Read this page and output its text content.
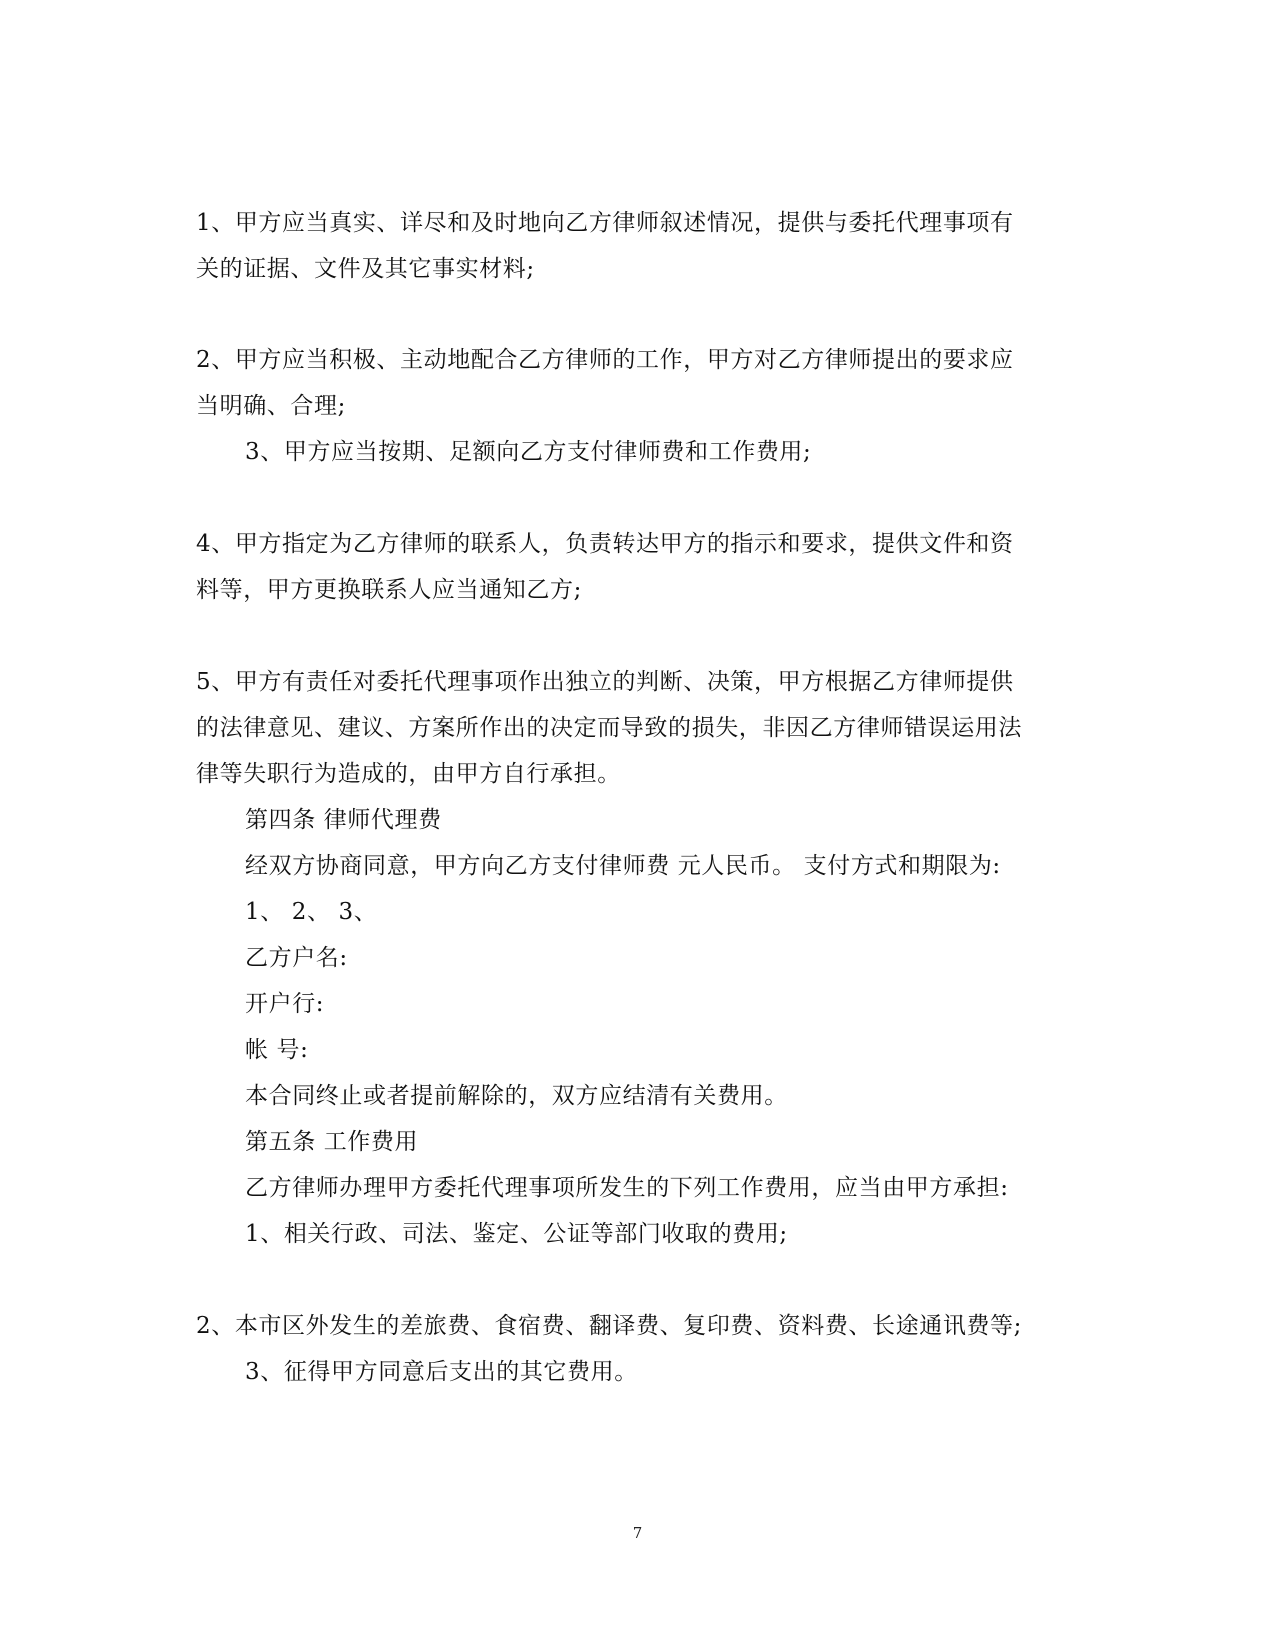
1、甲方应当真实、详尽和及时地向乙方律师叙述情况，提供与委托代理事项有
关的证据、文件及其它事实材料;
2、甲方应当积极、主动地配合乙方律师的工作，甲方对乙方律师提出的要求应
当明确、合理;
3、甲方应当按期、足额向乙方支付律师费和工作费用;
4、甲方指定为乙方律师的联系人，负责转达甲方的指示和要求，提供文件和资
料等，甲方更换联系人应当通知乙方;
5、甲方有责任对委托代理事项作出独立的判断、决策，甲方根据乙方律师提供
的法律意见、建议、方案所作出的决定而导致的损失，非因乙方律师错误运用法
律等失职行为造成的，由甲方自行承担。
第四条 律师代理费
经双方协商同意，甲方向乙方支付律师费 元人民币。 支付方式和期限为:
1、 2、 3、
乙方户名:
开户行:
帐 号:
本合同终止或者提前解除的，双方应结清有关费用。
第五条 工作费用
乙方律师办理甲方委托代理事项所发生的下列工作费用，应当由甲方承担:
1、相关行政、司法、鉴定、公证等部门收取的费用;
2、本市区外发生的差旅费、食宿费、翻译费、复印费、资料费、长途通讯费等;
3、征得甲方同意后支出的其它费用。
7
